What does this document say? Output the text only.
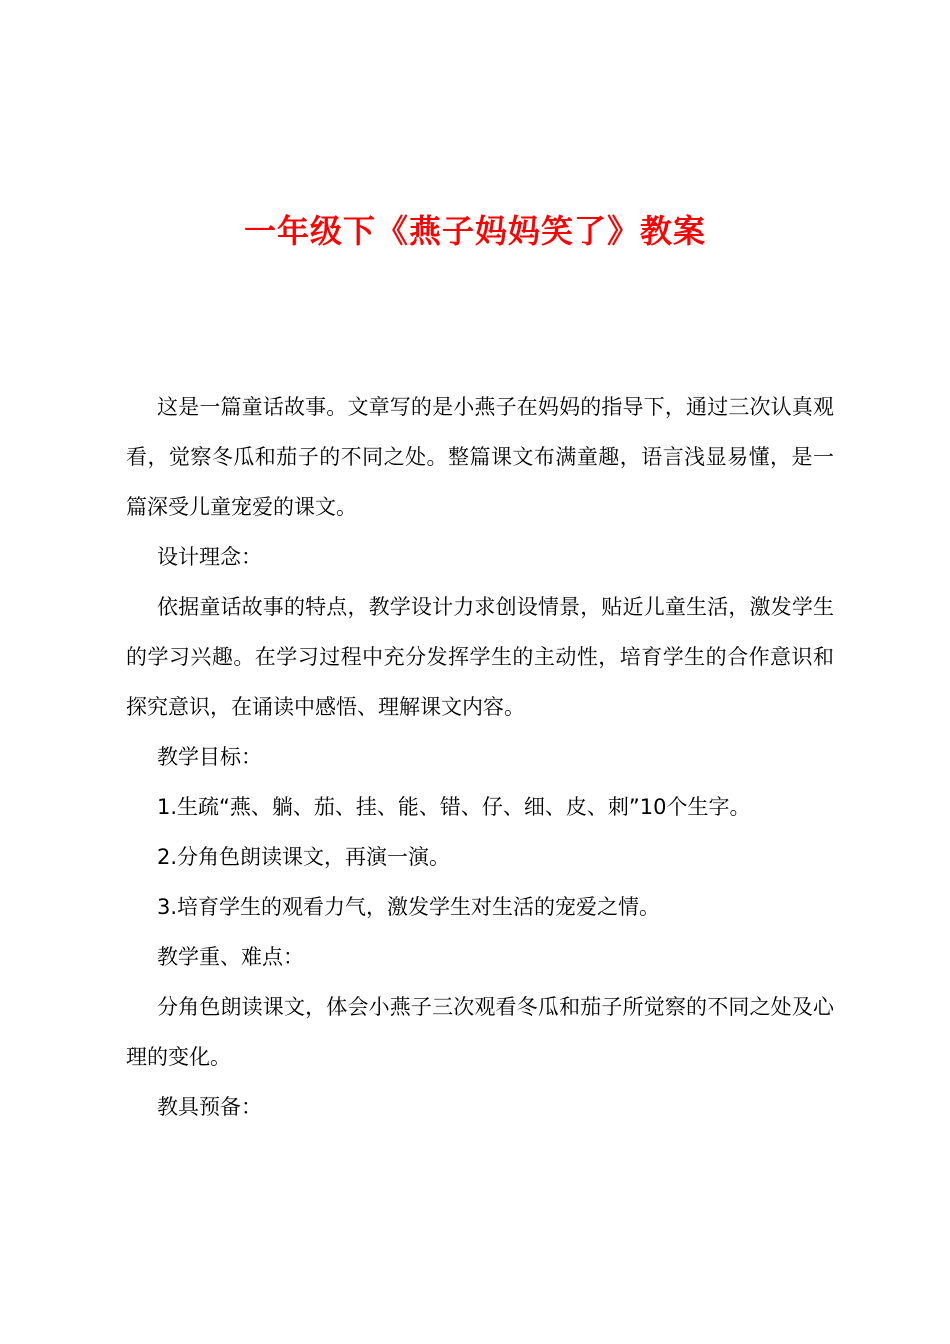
一年级下《燕子妈妈笑了》教案

这是一篇童话故事。文章写的是小燕子在妈妈的指导下，通过三次认真观看，觉察冬瓜和茄子的不同之处。整篇课文布满童趣，语言浅显易懂，是一篇深受儿童宠爱的课文。

设计理念：

依据童话故事的特点，教学设计力求创设情景，贴近儿童生活，激发学生的学习兴趣。在学习过程中充分发挥学生的主动性，培育学生的合作意识和探究意识，在诵读中感悟、理解课文内容。

教学目标：

1.生疏“燕、躺、茄、挂、能、错、仔、细、皮、刺”10个生字。

2.分角色朗读课文，再演一演。

3.培育学生的观看力气，激发学生对生活的宠爱之情。

教学重、难点：

分角色朗读课文，体会小燕子三次观看冬瓜和茄子所觉察的不同之处及心理的变化。

教具预备：
